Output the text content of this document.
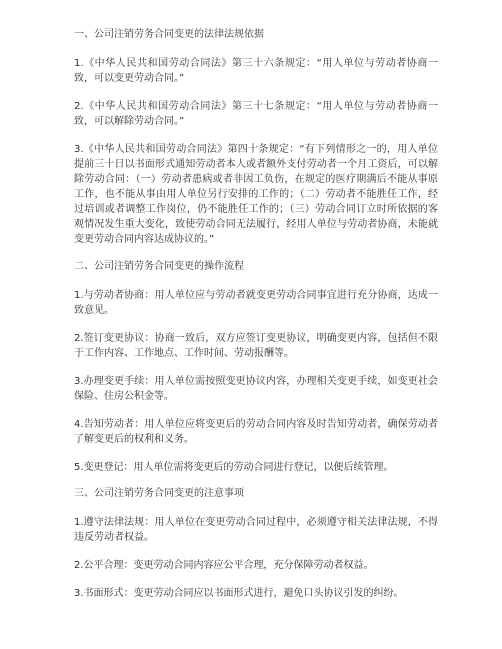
一、公司注销劳务合同变更的法律法规依据
1.《中华人民共和国劳动合同法》第三十六条规定：“用人单位与劳动者协商一致，可以变更劳动合同。”
2.《中华人民共和国劳动合同法》第三十七条规定：“用人单位与劳动者协商一致，可以解除劳动合同。”
3.《中华人民共和国劳动合同法》第四十条规定：“有下列情形之一的，用人单位提前三十日以书面形式通知劳动者本人或者额外支付劳动者一个月工资后，可以解除劳动合同：（一）劳动者患病或者非因工负伤，在规定的医疗期满后不能从事原工作，也不能从事由用人单位另行安排的工作的；（二）劳动者不能胜任工作，经过培训或者调整工作岗位，仍不能胜任工作的；（三）劳动合同订立时所依据的客观情况发生重大变化，致使劳动合同无法履行，经用人单位与劳动者协商，未能就变更劳动合同内容达成协议的。”
二、公司注销劳务合同变更的操作流程
1.与劳动者协商：用人单位应与劳动者就变更劳动合同事宜进行充分协商，达成一致意见。
2.签订变更协议：协商一致后，双方应签订变更协议，明确变更内容，包括但不限于工作内容、工作地点、工作时间、劳动报酬等。
3.办理变更手续：用人单位需按照变更协议内容，办理相关变更手续，如变更社会保险、住房公积金等。
4.告知劳动者：用人单位应将变更后的劳动合同内容及时告知劳动者，确保劳动者了解变更后的权利和义务。
5.变更登记：用人单位需将变更后的劳动合同进行登记，以便后续管理。
三、公司注销劳务合同变更的注意事项
1.遵守法律法规：用人单位在变更劳动合同过程中，必须遵守相关法律法规，不得违反劳动者权益。
2.公平合理：变更劳动合同内容应公平合理，充分保障劳动者权益。
3.书面形式：变更劳动合同应以书面形式进行，避免口头协议引发的纠纷。
